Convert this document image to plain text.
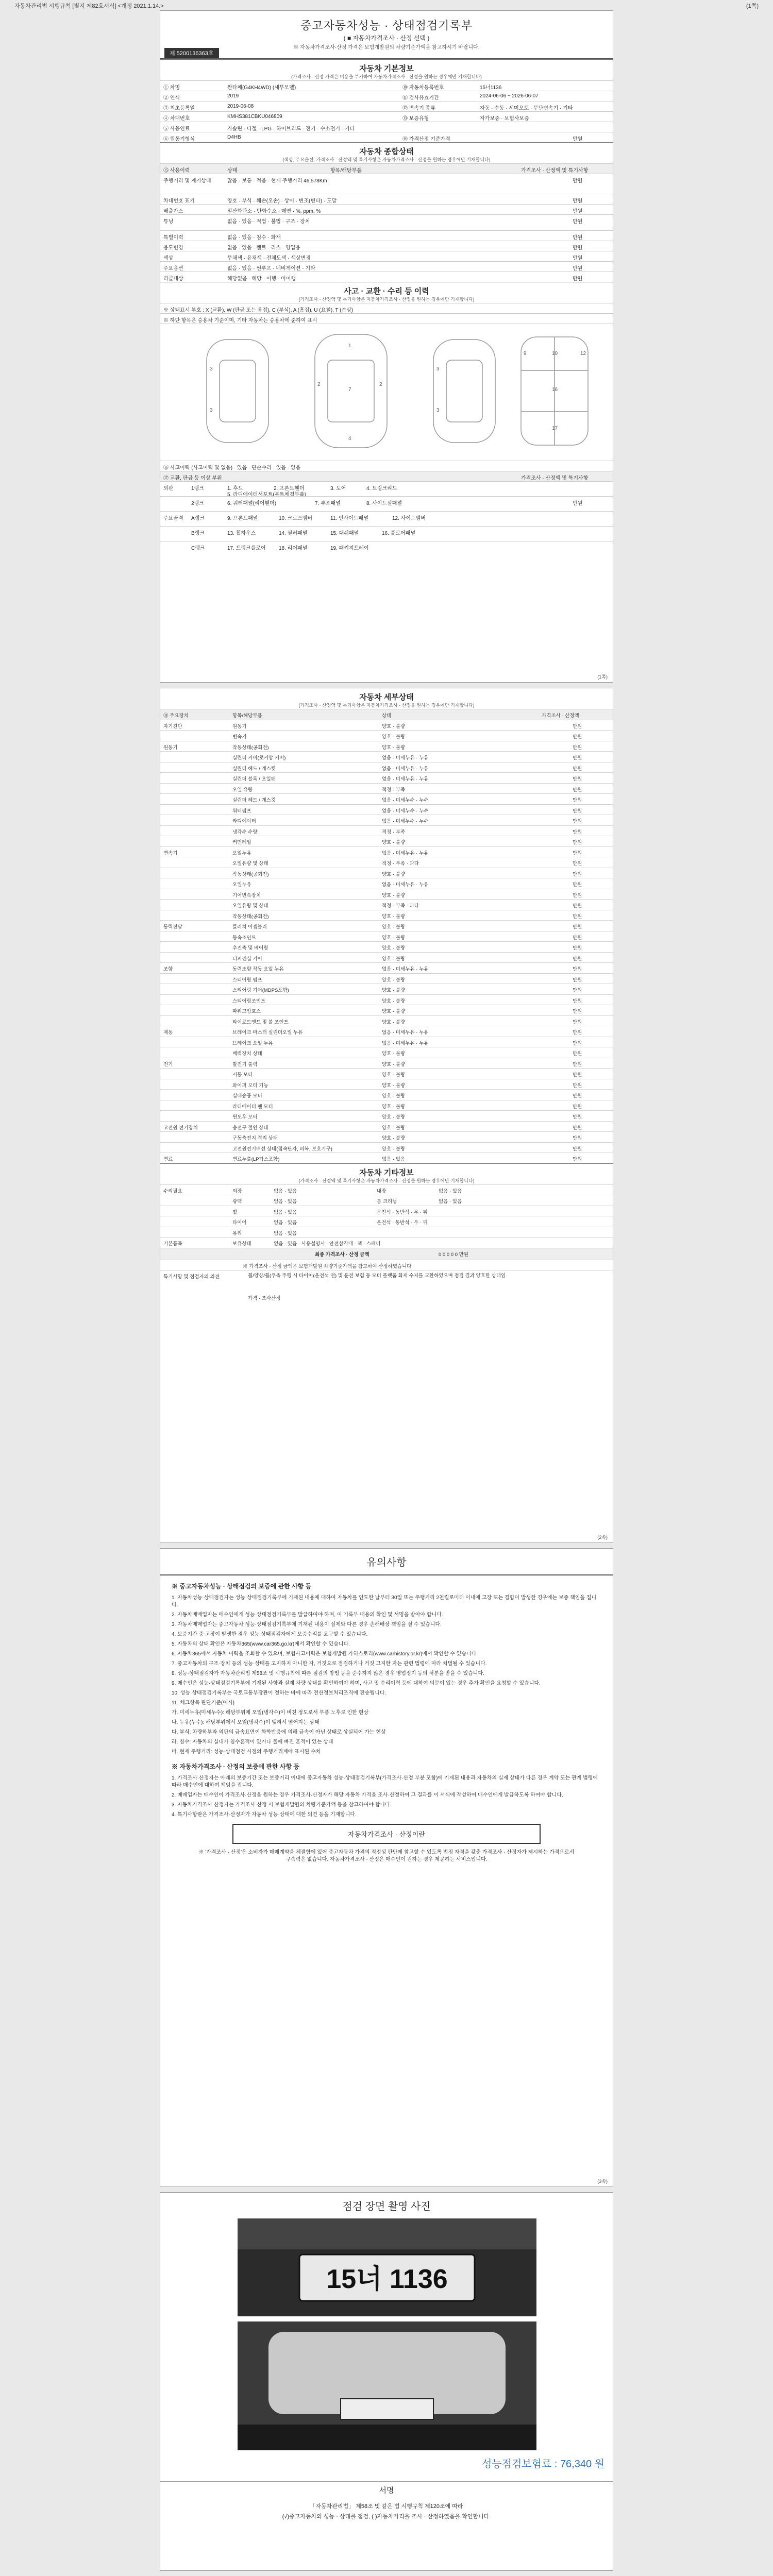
자동차관리법 시행규칙 [별지 제82호서식] <개정 2021.1.14.>	(1쪽)
중고자동차성능 · 상태점검기록부
( ■ 자동차가격조사 · 산정 선택 )
※ 자동차가격조사·산정 가격은 보험개발원의 차량기준가액을 참고하시기 바랍니다.
제 5200136363호
자동차 기본정보
(가격조사 · 산정 가격은 비용을 부가하여 자동차가격조사 · 산정을 원하는 경우에만 기재합니다)
① 차명	싼타페(G4KH4WD) (세부모델)	⑩ 자동차등록번호	15너1136
② 연식	2019	⑪ 검사유효기간	2024-06-06 ~ 2026-06-07
③ 최초등록일	2019-06-08	⑫ 변속기 종류	자동 · 수동 · 세미오토 · 무단변속기 · 기타
④ 차대번호	KMHS381CBKU046809	⑬ 보증유형	자가보증 · 보험사보증
⑤ 사용연료	가솔린 · 디젤 · LPG · 하이브리드 · 전기 · 수소전기 · 기타
⑥ 원동기형식	D4HB	⑭ 가격산정 기준가격	만원
자동차 종합상태
(색상, 주요옵션, 가격조사 · 산정액 및 특기사항은 자동차가격조사 · 산정을 원하는 경우에만 기재합니다)
⑮ 사용이력	상태	항목/해당부품	가격조사 · 산정액 및 특기사항
주행거리 및 계기상태	많음 · 보통 · 적음 · 현재 주행거리 46,578Km	만원
차대번호 표기	양호 · 부식 · 훼손(오손) · 상이 · 변조(변타) · 도말	만원
배출가스	일산화탄소 · 탄화수소 · 매연 · %, ppm, %	만원
튜닝	없음 · 있음 · 적법 · 불법 · 구조 · 장치	만원
특별이력	없음 · 있음 · 침수 · 화재	만원
용도변경	없음 · 있음 · 렌트 · 리스 · 영업용	만원
색상	무채색 · 유채색 · 전체도색 · 색상변경	만원
주요옵션	없음 · 있음 · 썬루프 · 네비게이션 · 기타	만원
리콜대상	해당없음 · 해당 · 이행 · 미이행	만원
사고 · 교환 · 수리 등 이력
(가격조사 · 산정액 및 특기사항은 자동차가격조사 · 산정을 원하는 경우에만 기재합니다)
※ 상태표시 부호 : X (교환), W (판금 또는 용접), C (부식), A (흠집), U (요철), T (손상)
※ 하단 항목은 승용차 기준이며, 기타 자동차는 승용차에 준하여 표시
1
4
2	2
3
3
3
3
7
10
16
17
9	12
⑯ 사고이력 (사고이력 및 없음) · 있음 · 단순수리 · 있음 · 없음
⑰ 교환, 판금 등 이상 부위	가격조사 · 산정액 및 특기사항
외판	1랭크	1. 후드	2. 프론트휀더	3. 도어	4. 트렁크리드
5. 라디에이터서포트(볼트체결부품)
2랭크	6. 쿼터패널(리어휀더)	7. 루프패널	8. 사이드실패널	만원
주요골격 A랭크	9. 프론트패널	10. 크로스멤버	11. 인사이드패널	12. 사이드멤버
B랭크	13. 휠하우스	14. 필러패널	15. 대쉬패널	16. 플로어패널
C랭크	17. 트렁크플로어	18. 리어패널	19. 패키지트레이
(1쪽)
자동차 세부상태
(가격조사 · 산정액 및 특기사항은 자동차가격조사 · 산정을 원하는 경우에만 기재합니다)
⑱ 주요장치	항목/해당부품	상태	가격조사 · 산정액
자기진단	원동기	양호 · 불량	만원
변속기	양호 · 불량	만원
원동기	작동상태(공회전)	양호 · 불량	만원
실린더 커버(로커암 커버)	없음 · 미세누유 · 누유	만원
실린더 헤드 / 개스킷	없음 · 미세누유 · 누유	만원
실린더 블록 / 오일팬	없음 · 미세누유 · 누유	만원
오일 유량	적정 · 부족	만원
실린더 헤드 / 개스킷	없음 · 미세누수 · 누수	만원
워터펌프	없음 · 미세누수 · 누수	만원
라디에이터	없음 · 미세누수 · 누수	만원
냉각수 수량	적정 · 부족	만원
커먼레일	양호 · 불량	만원
변속기	오일누유	없음 · 미세누유 · 누유	만원
오일유량 및 상태	적정 · 부족 · 과다	만원
작동상태(공회전)	양호 · 불량	만원
오일누유	없음 · 미세누유 · 누유	만원
기어변속장치	양호 · 불량	만원
오일유량 및 상태	적정 · 부족 · 과다	만원
작동상태(공회전)	양호 · 불량	만원
동력전달	클러치 어셈블리	양호 · 불량	만원
등속조인트	양호 · 불량	만원
추진축 및 베어링	양호 · 불량	만원
디퍼렌셜 기어	양호 · 불량	만원
조향	동력조향 작동 오일 누유	없음 · 미세누유 · 누유	만원
스티어링 펌프	양호 · 불량	만원
스티어링 기어(MDPS포함)	양호 · 불량	만원
스티어링조인트	양호 · 불량	만원
파워고압호스	양호 · 불량	만원
타이로드엔드 및 볼 조인트	양호 · 불량	만원
제동	브레이크 마스터 실린더오일 누유	없음 · 미세누유 · 누유	만원
브레이크 오일 누유	없음 · 미세누유 · 누유	만원
배력장치 상태	양호 · 불량	만원
전기	발전기 출력	양호 · 불량	만원
시동 모터	양호 · 불량	만원
와이퍼 모터 기능	양호 · 불량	만원
실내송풍 모터	양호 · 불량	만원
라디에이터 팬 모터	양호 · 불량	만원
윈도우 모터	양호 · 불량	만원
고전원 전기장치	충전구 절연 상태	양호 · 불량	만원
구동축전지 격리 상태	양호 · 불량	만원
고전원전기배선 상태(접속단자, 피복, 보호기구)	양호 · 불량	만원
연료	연료누출(LP가스포함)	없음 · 있음	만원
자동차 기타정보
(가격조사 · 산정액 및 특기사항은 자동차가격조사 · 산정을 원하는 경우에만 기재합니다)
수리필요	외장	없음 · 있음	내장	없음 · 있음
광택	없음 · 있음	룸 크리닝	없음 · 있음
휠	없음 · 있음	운전석 · 동반석 · 우 · 뒤
타이어	없음 · 있음	운전석 · 동반석 · 우 · 뒤
유리	없음 · 있음
기본품목	보유상태	없음 · 있음 · 사용설명서 · 안전삼각대 · 잭 · 스패너
최종 가격조사 · 산정 금액	0 0 0 0 0 만원
※ 가격조사 · 산정 금액은 보험개발원 차량기준가액을 참고하여 산정하였습니다
특기사항 및 점검자의 의견	휠/양상/휠(우측 주행 시 타이어(운전석 전) 및 운전 보험 등 모터 플랫폼 화재 수지를 교환하였으며 점검 결과 양호한 상태임
가격 · 조사산정
(2쪽)
유의사항
※ 중고자동차성능 · 상태점검의 보증에 관한 사항 등

1. 자동차성능·상태점검자는 성능·상태점검기록부에 기재된 내용에 대하여 자동차를 인도한 날부터 30일 또는 주행거리 2천킬로미터 이내에 고장 또는 결함이 발생한 경우에는 보증 책임을 집니다.

2. 자동차매매업자는 매수인에게 성능·상태점검기록부를 발급하여야 하며, 이 기록부 내용의 확인 및 서명을 받아야 합니다.

3. 자동차매매업자는 중고자동차 성능·상태점검기록부에 기재된 내용이 실제와 다른 경우 손해배상 책임을 질 수 있습니다.

4. 보증기간 중 고장이 발생한 경우 성능·상태점검자에게 보증수리를 요구할 수 있습니다.

5. 자동차의 상태 확인은 자동차365(www.car365.go.kr)에서 확인할 수 있습니다.

6. 자동차365에서 자동차 이력을 조회할 수 있으며, 보험사고이력은 보험개발원 카히스토리(www.carhistory.or.kr)에서 확인할 수 있습니다.

7. 중고자동차의 구조·장치 등의 성능·상태를 고지하지 아니한 자, 거짓으로 점검하거나 거짓 고지한 자는 관련 법령에 따라 처벌될 수 있습니다.

8. 성능·상태점검자가 자동차관리법 제58조 및 시행규칙에 따른 점검의 방법 등을 준수하지 않은 경우 영업정지 등의 처분을 받을 수 있습니다.

9. 매수인은 성능·상태점검기록부에 기재된 사항과 실제 차량 상태를 확인하여야 하며, 사고 및 수리이력 등에 대하여 의문이 있는 경우 추가 확인을 요청할 수 있습니다.

10. 성능·상태점검기록부는 국토교통부장관이 정하는 바에 따라 전산정보처리조직에 전송됩니다.

11. 체크항목 판단기준(예시)

가. 미세누유(미세누수): 해당부위에 오일(냉각수)이 비친 정도로서 부품 노후로 인한 현상

나. 누유(누수): 해당부위에서 오일(냉각수)이 맺혀서 떨어지는 상태

다. 부식: 차량하부와 외판의 금속표면이 화학반응에 의해 금속이 아닌 상태로 상실되어 가는 현상

라. 침수: 자동차의 실내가 침수흔적이 있거나 물에 빠진 흔적이 있는 상태

마. 현재 주행거리: 성능·상태점검 시점의 주행거리계에 표시된 수치

※ 자동차가격조사 · 산정의 보증에 관한 사항 등

1. 가격조사·산정자는 아래의 보증기간 또는 보증거리 이내에 중고자동차 성능·상태점검기록부(가격조사·산정 부분 포함)에 기재된 내용과 자동차의 실제 상태가 다른 경우 계약 또는 관계 법령에 따라 매수인에 대하여 책임을 집니다.

2. 매매업자는 매수인이 가격조사·산정을 원하는 경우 가격조사·산정자가 해당 자동차 가격을 조사·산정하여 그 결과를 이 서식에 작성하여 매수인에게 발급하도록 하여야 합니다.

3. 자동차가격조사·산정자는 가격조사·산정 시 보험개발원의 차량기준가액 등을 참고하여야 합니다.

4. 특기사항란은 가격조사·산정자가 자동차 성능·상태에 대한 의견 등을 기재합니다.

자동차가격조사 · 산정이란
※ '가격조사 · 산정'은 소비자가 매매계약을 체결함에 있어 중고자동차 가격의 적정성 판단에 참고할 수 있도록 법정 자격을 갖춘 가격조사 · 산정자가 제시하는 가격으로서 구속력은 없습니다. 자동차가격조사 · 산정은 매수인이 원하는 경우 제공하는 서비스입니다.
(3쪽)
점검 장면 촬영 사진
15너 1136
성능점검보험료 : 76,340 원
서명
「자동차관리법」 제58조 및 같은 법 시행규칙 제120조에 따라
(√)중고자동차의 성능 · 상태를 점검, ( )자동차가격을 조사 · 산정하였음을 확인합니다.
